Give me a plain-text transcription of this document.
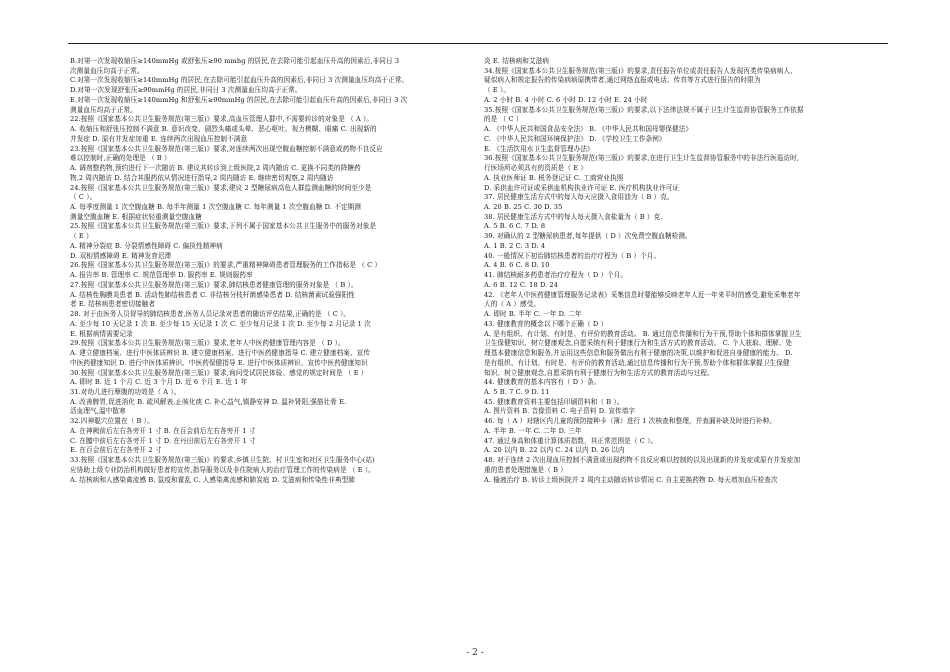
B.对第一次发现收缩压≥140mmHg 或舒张压≥90 mmhg 的居民,在去除可能引起血压升高的因素后,非同日 3

次测量血压均高于正常。

C.对第一次发现收缩压≥140mmHg 的居民,在去除可能引起血压升高的因素后,非同日 3 次测量血压均高于正常。

D.对第一次发现舒张压≥90mmHg 的居民,非同日 3 次测量血压均高于正常。

E.对第一次发现收缩压≥140mmHg 和舒张压≥90mmHg 的居民,在去除可能引起血压升高的因素后,非同日 3 次

测量血压均高于正常。

22.按照《国家基本公共卫生服务规范(第三版)》要求,高血压管理人群中,不需要转诊的对象是 （ A ）。

A. 收缩压和舒张压控制不满意 B. 意识改变、剧烈头痛或头晕、恶心呕吐、视力模糊、眼痛 C. 出现新的

并发症 D. 原有并发症加重 E. 连续两次出现血压控制不满意

23.按照《国家基本公共卫生服务规范(第三版)》要求,对连续两次出现空腹血糖控制不满意或药物不良反应

难以控制时,正确的处理是 （ B ）

A. 调剂整药物,预约进行下一次随访 B. 建议其转诊到上级医院,2 周内随访 C. 更换不同类的降糖药

物,2 周内随访 D. 结合其服药依从情况进行指导,2 周内随访 E. 继续密切观察,2 周内随访

24.按照《国家基本公共卫生服务规范(第三版)》要求,建议 2 型糖尿病高危人群监测血糖的时间至少是

（ C ）。

A. 每季度测量 1 次空腹血糖 B. 每半年测量 1 次空腹血糖 C. 每年测量 1 次空腹血糖 D. 不定期测

测量空腹血糖 E. 根据症状轻重测量空腹血糖

25.按照《国家基本公共卫生服务规范(第三版)》要求,下列不属于国家基本公共卫生服务中的服务对象是

（ E ）

A. 精神分裂症 B. 分裂情感性障碍 C. 偏执性精神病

D. 双相情感障碍 E. 精神发育迟滞

26.按照《国家基本公共卫生服务规范(第三版)》的要求,严重精神障碍患者管理服务的工作指标是 （ C ）

A. 报告率 B. 管理率 C. 规范管理率 D. 服药率 E. 规则服药率

27.按照《国家基本公共卫生服务规范(第三版)》要求,肺结核患者健康管理的服务对象是 （ B ）。

A. 结核性胸膜炎患者 B. 活动性肺结核患者 C. 非结核分枝杆菌感染患者 D. 结核菌素试验强阳性

者 E. 结核病患者密切接触者

28. 对于由医务人员督导的肺结核患者,医务人员记录对患者的随访评估结果,正确的是 （ C ）。

A. 至少每 10 天记录 1 次 B. 至少每 15 天记录 1 次 C. 至少每月记录 1 次 D. 至少每 2 月记录 1 次

E. 根据病情需要记录

29.按照《国家基本公共卫生服务规范(第三版)》要求,老年人中医药健康管理内容是 （ D ）。

A. 建立健康档案、进行中医体质辨识 B. 建立健康档案、进行中医药健康指导 C. 建立健康档案、宣传

中医药健康知识 D. 进行中医体质辨识、中医药保健指导 E. 进行中医体质辨识、宣传中医药健康知识

30.按照《国家基本公共卫生服务规范(第三版)》要求,询问受试居民体验、感觉的规定时间是 （ E ）

A. 即时 B. 近 1 个月 C. 近 3 个月 D. 近 6 个月 E. 近 1 年

31.对幼儿进行摩腹的功效是（ A ）。

A. 改善脾胃,促进消化 B. 疏风解表,止咳化痰 C. 补心益气,镇静安神 D. 温补肾阳,强筋壮骨 E.

活血理气,温中散寒

32.四神聪穴位置在（ B ）。

A. 在神阙前后左右各旁开 1 寸 B. 在百会前后左右各旁开 1 寸

C. 在膻中前后左右各旁开 1 寸 D. 在丹田前后左右各旁开 1 寸

E. 在百会前后左右各旁开 2 寸

33.按照《国家基本公共卫生服务规范(第三版)》的要求,乡镇卫生院、村卫生室和社区卫生服务中心(站)

应协助上级专业防治机构做好患者的宣传,指导服务以及非住院病人的治疗管理工作的传染病是 （ E ）。

A. 结核病和人感染禽流感 B. 鼠疫和霍乱 C. 人感染禽流感和肺炭疽 D. 艾滋病和传染性非典型肺

炎 E. 结核病和艾滋病

34.按照《国家基本公共卫生服务规范(第三版)》的要求,责任报告单位或责任报告人发现丙类传染病病人、

疑似病人和规定报告的传染病病原携带者,通过网络直报或电话、传真等方式进行报告的时限为

（ E ）。

A. 2 小时 B. 4 小时 C. 6 小时 D. 12 小时 E. 24 小时

35.按照《国家基本公共卫生服务规范(第三版)》的要求,以下法律法规不属于卫生计生监督协管服务工作依据

的是 （ C ）

A. 《中华人民共和国食品安全法》 B. 《中华人民共和国母婴保健法》

C. 《中华人民共和国环境保护法》 D. 《学校卫生工作条例》

E. 《生活饮用水卫生监督管理办法》

36.按照《国家基本公共卫生服务规范(第三版)》的要求,在进行卫生计生监督协管服务中的非法行医巡访时,

行医场所必须具有的资质是（ E ）

A. 执业医师证 B. 税务登记证 C. 工商营业执照

D. 采供血许可证或采供血机构执业许可证 E. 医疗机构执业许可证

37. 居民健康生活方式中的每人每天应摄入食用油为（ B ）克。

A. 20 B. 25 C. 30 D. 35

38. 居民健康生活方式中的每人每天摄入食盐量为（ B ）克.

A. 5 B. 6 C. 7 D. 8

39. 对确认的 2 型糖尿病患者,每年提供（ D ）次免费空腹血糖检测。

A. 1 B. 2 C. 3 D. 4

40. 一般情况下初治肺结核患者的治疗疗程为（ B ）个月。

A. 4 B. 6 C. 8 D. 10

41. 肺结核耐多药患者治疗疗程为（ D ）个月。

A. 6 B. 12 C. 18 D. 24

42. 《老年人中医药健康管理服务记录表》采集信息时要能够反映老年人近一年来平时的感受,避免采集老年

人的（ A ）感受。

A. 即时 B. 半年 C. 一年 D. 二年

43. 健康教育的概念以下哪个正确（ D ）

A. 是有组织、有计划、有时是、有评价的教育活动。 B. 通过信息传播和行为干预,帮助个体和群体掌握卫生

卫生保健知识、树立健康观念,自愿采纳有利于健康行为和生活方式的教育活动。 C. 个人获取、理解、处

理基本健康信息和服务,并运用这些信息和服务做出有利于健康的决策,以维护和促进自身健康的能力。 D.

是有组织、有计划、有时是、有评价的教育活动,通过信息传播和行为干预,帮助个体和群体掌握卫生保健

知识、树立健康观念,自愿采纳有利于健康行为和生活方式的教育活动与过程。

44. 健康教育的基本内容有（ D ）条。

A. 5 B. 7 C. 9 D. 11

45. 健康教育资料主要包括印刷资料和（ B ）。

A. 图片资料 B. 音像资料 C. 电子资料 D. 宣传墙字

46. 每（ A ）对辖区内儿童的预防接种卡（簿）进行 1 次核查和整理，并查漏补缺及时进行补种。

A. 半年 B. 一年 C. 二年 D. 三年

47. 通过身高和体重计算体质指数，其正常范围是（ C ）。

A. 20 以内 B. 22 以内 C. 24 以内 D. 26 以内

48. 对于连续 2 次出现血压控制不满意或出现药物不良反应难以控制的以及出现新的并发症或原有并发症加

重的患者处理措施是（ B ）

A. 输液治疗 B. 转诊上级医院并 2 周内主动随访转诊情况 C. 自主更换药物 D. 每天增加血压检查次

- 2 -
